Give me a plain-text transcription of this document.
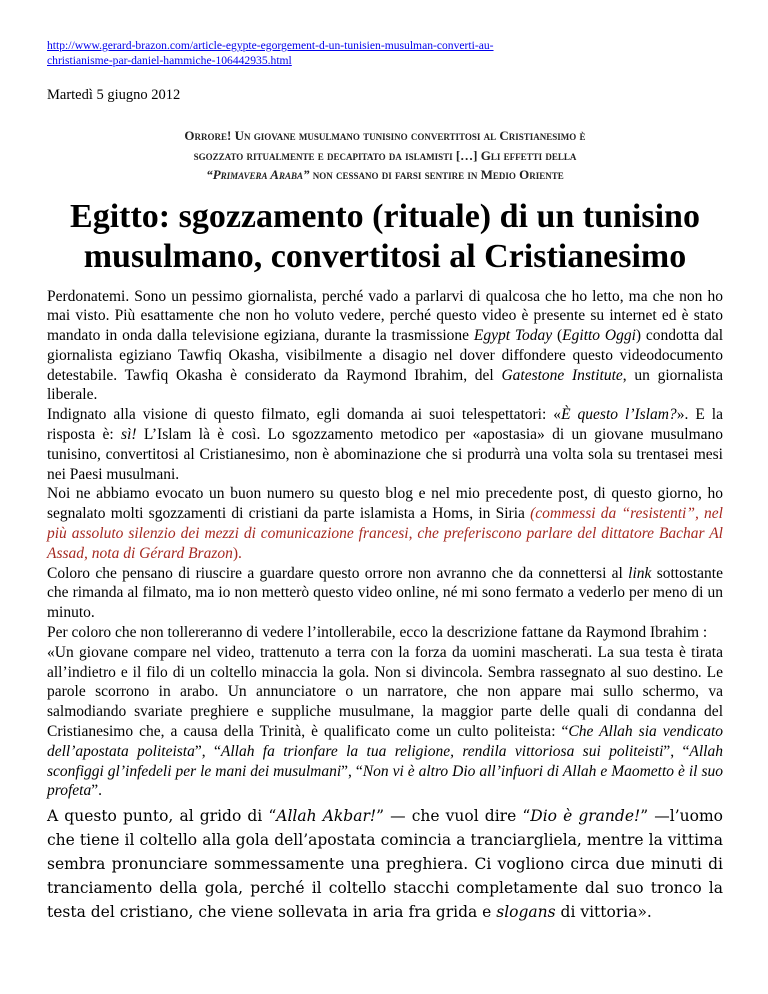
http://www.gerard-brazon.com/article-egypte-egorgement-d-un-tunisien-musulman-converti-au-
christianisme-par-daniel-hammiche-106442935.html
Martedì 5 giugno 2012
Orrore! Un giovane musulmano tunisino convertitosi al Cristianesimo è
sgozzato ritualmente e decapitato da islamisti […] Gli effetti della
“Primavera Araba” non cessano di farsi sentire in Medio Oriente
Egitto: sgozzamento (rituale) di un tunisino musulmano, convertitosi al Cristianesimo

Perdonatemi. Sono un pessimo giornalista, perché vado a parlarvi di qualcosa che ho letto, ma che non ho mai visto. Più esattamente che non ho voluto vedere, perché questo video è presente su internet ed è stato mandato in onda dalla televisione egiziana, durante la trasmissione Egypt Today (Egitto Oggi) condotta dal giornalista egiziano Tawfiq Okasha, visibilmente a disagio nel dover diffondere questo videodocumento detestabile. Tawfiq Okasha è considerato da Raymond Ibrahim, del Gatestone Institute, un giornalista liberale.

Indignato alla visione di questo filmato, egli domanda ai suoi telespettatori: «È questo l’Islam?». E la risposta è: sì! L’Islam là è così. Lo sgozzamento metodico per «apostasia» di un giovane musulmano tunisino, convertitosi al Cristianesimo, non è abominazione che si produrrà una volta sola su trentasei mesi nei Paesi musulmani.

Noi ne abbiamo evocato un buon numero su questo blog e nel mio precedente post, di questo giorno, ho segnalato molti sgozzamenti di cristiani da parte islamista a Homs, in Siria (commessi da “resistenti”, nel più assoluto silenzio dei mezzi di comunicazione francesi, che preferiscono parlare del dittatore Bachar Al Assad, nota di Gérard Brazon).

Coloro che pensano di riuscire a guardare questo orrore non avranno che da connettersi al link sottostante che rimanda al filmato, ma io non metterò questo video online, né mi sono fermato a vederlo per meno di un minuto.

Per coloro che non tollereranno di vedere l’intollerabile, ecco la descrizione fattane da Raymond Ibrahim :

«Un giovane compare nel video, trattenuto a terra con la forza da uomini mascherati. La sua testa è tirata all’indietro e il filo di un coltello minaccia la gola. Non si divincola. Sembra rassegnato al suo destino. Le parole scorrono in arabo. Un annunciatore o un narratore, che non appare mai sullo schermo, va salmodiando svariate preghiere e suppliche musulmane, la maggior parte delle quali di condanna del Cristianesimo che, a causa della Trinità, è qualificato come un culto politeista: “Che Allah sia vendicato dell’apostata politeista”, “Allah fa trionfare la tua religione, rendila vittoriosa sui politeisti”, “Allah sconfiggi gl’infedeli per le mani dei musulmani”, “Non vi è altro Dio all’infuori di Allah e Maometto è il suo profeta”.

A questo punto, al grido di “Allah Akbar!” — che vuol dire “Dio è grande!” —l’uomo che tiene il coltello alla gola dell’apostata comincia a tranciargliela, mentre la vittima sembra pronunciare sommessamente una preghiera. Ci vogliono circa due minuti di tranciamento della gola, perché il coltello stacchi completamente dal suo tronco la testa del cristiano, che viene sollevata in aria fra grida e slogans di vittoria».
